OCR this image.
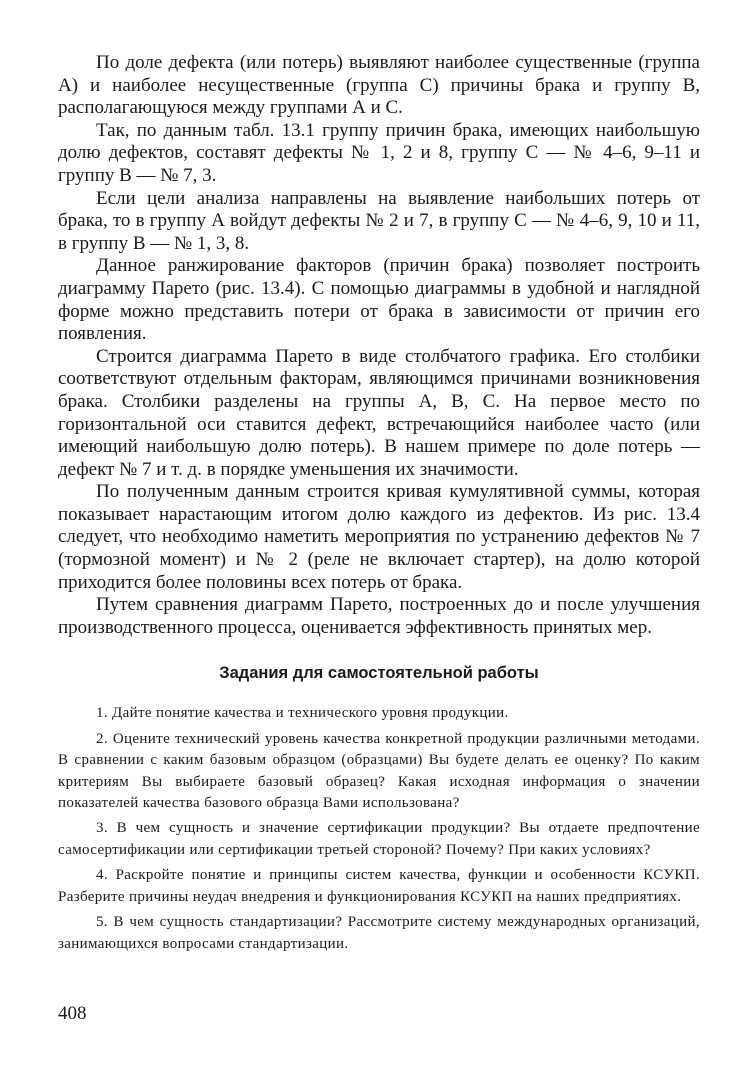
По доле дефекта (или потерь) выявляют наиболее существенные (группа А) и наиболее несущественные (группа С) причины брака и группу В, располагающуюся между группами А и С.

Так, по данным табл. 13.1 группу причин брака, имеющих наибольшую долю дефектов, составят дефекты № 1, 2 и 8, группу С — № 4–6, 9–11 и группу В — № 7, 3.

Если цели анализа направлены на выявление наибольших потерь от брака, то в группу А войдут дефекты № 2 и 7, в группу С — № 4–6, 9, 10 и 11, в группу В — № 1, 3, 8.

Данное ранжирование факторов (причин брака) позволяет построить диаграмму Парето (рис. 13.4). С помощью диаграммы в удобной и наглядной форме можно представить потери от брака в зависимости от причин его появления.

Строится диаграмма Парето в виде столбчатого графика. Его столбики соответствуют отдельным факторам, являющимся причинами возникновения брака. Столбики разделены на группы А, В, С. На первое место по горизонтальной оси ставится дефект, встречающийся наиболее часто (или имеющий наибольшую долю потерь). В нашем примере по доле потерь — дефект № 7 и т. д. в порядке уменьшения их значимости.

По полученным данным строится кривая кумулятивной суммы, которая показывает нарастающим итогом долю каждого из дефектов. Из рис. 13.4 следует, что необходимо наметить мероприятия по устранению дефектов № 7 (тормозной момент) и № 2 (реле не включает стартер), на долю которой приходится более половины всех потерь от брака.

Путем сравнения диаграмм Парето, построенных до и после улучшения производственного процесса, оценивается эффективность принятых мер.

Задания для самостоятельной работы

1. Дайте понятие качества и технического уровня продукции.

2. Оцените технический уровень качества конкретной продукции различными методами. В сравнении с каким базовым образцом (образцами) Вы будете делать ее оценку? По каким критериям Вы выбираете базовый образец? Какая исходная информация о значении показателей качества базового образца Вами использована?

3. В чем сущность и значение сертификации продукции? Вы отдаете предпочтение самосертификации или сертификации третьей стороной? Почему? При каких условиях?

4. Раскройте понятие и принципы систем качества, функции и особенности КСУКП. Разберите причины неудач внедрения и функционирования КСУКП на наших предприятиях.

5. В чем сущность стандартизации? Рассмотрите систему международных организаций, занимающихся вопросами стандартизации.

408
